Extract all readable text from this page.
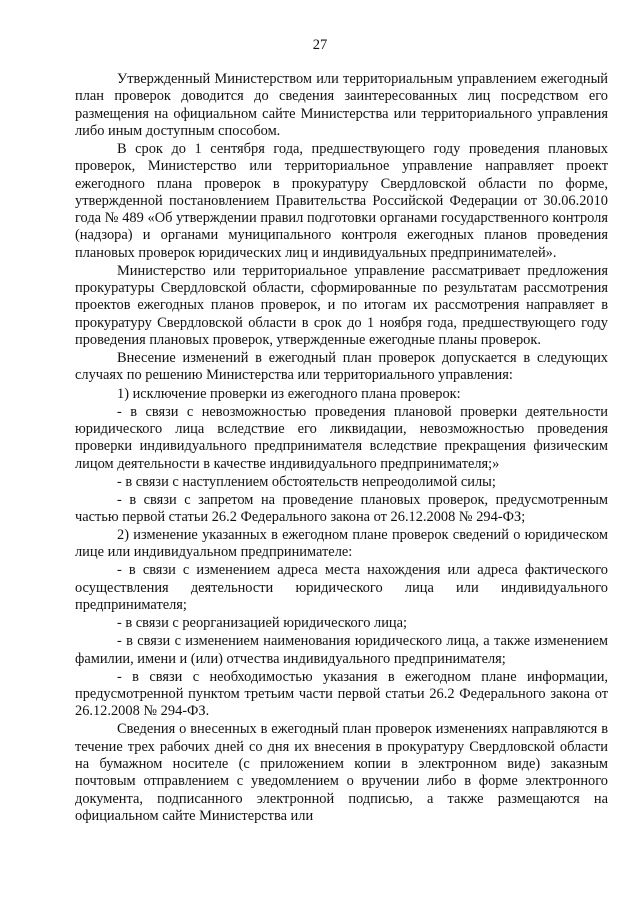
27

Утвержденный Министерством или территориальным управлением ежегодный план проверок доводится до сведения заинтересованных лиц посредством его размещения на официальном сайте Министерства или территориального управления либо иным доступным способом.

В срок до 1 сентября года, предшествующего году проведения плановых проверок, Министерство или территориальное управление направляет проект ежегодного плана проверок в прокуратуру Свердловской области по форме, утвержденной постановлением Правительства Российской Федерации от 30.06.2010 года № 489 «Об утверждении правил подготовки органами государственного контроля (надзора) и органами муниципального контроля ежегодных планов проведения плановых проверок юридических лиц и индивидуальных предпринимателей».

Министерство или территориальное управление рассматривает предложения прокуратуры Свердловской области, сформированные по результатам рассмотрения проектов ежегодных планов проверок, и по итогам их рассмотрения направляет в прокуратуру Свердловской области в срок до 1 ноября года, предшествующего году проведения плановых проверок, утвержденные ежегодные планы проверок.

Внесение изменений в ежегодный план проверок допускается в следующих случаях по решению Министерства или территориального управления:

1) исключение проверки из ежегодного плана проверок:

- в связи с невозможностью проведения плановой проверки деятельности юридического лица вследствие его ликвидации, невозможностью проведения проверки индивидуального предпринимателя вследствие прекращения физическим лицом деятельности в качестве индивидуального предпринимателя;»

- в связи с наступлением обстоятельств непреодолимой силы;

- в связи с запретом на проведение плановых проверок, предусмотренным частью первой статьи 26.2 Федерального закона от 26.12.2008 № 294-ФЗ;

2) изменение указанных в ежегодном плане проверок сведений о юридическом лице или индивидуальном предпринимателе:

- в связи с изменением адреса места нахождения или адреса фактического осуществления деятельности юридического лица или индивидуального предпринимателя;

- в связи с реорганизацией юридического лица;

- в связи с изменением наименования юридического лица, а также изменением фамилии, имени и (или) отчества индивидуального предпринимателя;

- в связи с необходимостью указания в ежегодном плане информации, предусмотренной пунктом третьим части первой статьи 26.2 Федерального закона от 26.12.2008 № 294-ФЗ.

Сведения о внесенных в ежегодный план проверок изменениях направляются в течение трех рабочих дней со дня их внесения в прокуратуру Свердловской области на бумажном носителе (с приложением копии в электронном виде) заказным почтовым отправлением с уведомлением о вручении либо в форме электронного документа, подписанного электронной подписью, а также размещаются на официальном сайте Министерства или
